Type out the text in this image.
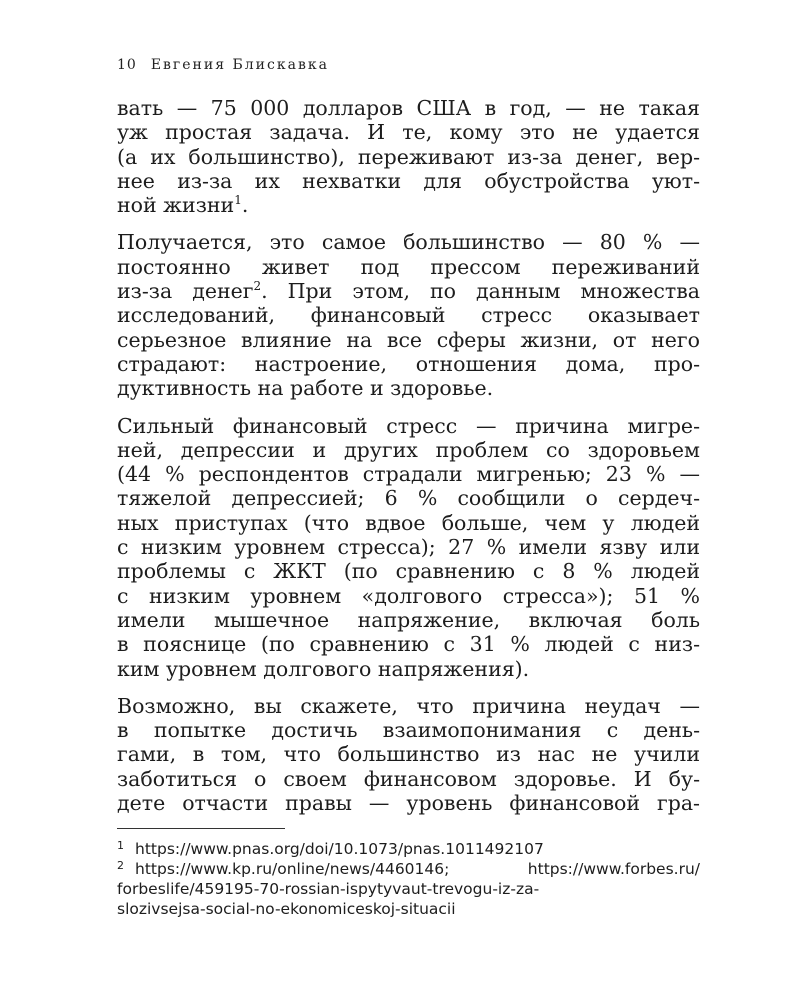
10 Евгения Блискавка
вать — 75 000 долларов США в год, — не такая
уж простая задача. И те, кому это не удается
(а их большинство), переживают из-за денег, вер-
нее из-за их нехватки для обустройства уют-
ной жизни$^1$.
Получается, это самое большинство — 80 % —
постоянно живет под прессом переживаний
из-за денег$^2$. При этом, по данным множества
исследований, финансовый стресс оказывает
серьезное влияние на все сферы жизни, от него
страдают: настроение, отношения дома, про-
дуктивность на работе и здоровье.
Сильный финансовый стресс — причина мигре-
ней, депрессии и других проблем со здоровьем
(44 % респондентов страдали мигренью; 23 % —
тяжелой депрессией; 6 % сообщили о сердеч-
ных приступах (что вдвое больше, чем у людей
с низким уровнем стресса); 27 % имели язву или
проблемы с ЖКТ (по сравнению с 8 % людей
с низким уровнем «долгового стресса»); 51 %
имели мышечное напряжение, включая боль
в пояснице (по сравнению с 31 % людей с низ-
ким уровнем долгового напряжения).
Возможно, вы скажете, что причина неудач —
в попытке достичь взаимопонимания с день-
гами, в том, что большинство из нас не учили
заботиться о своем финансовом здоровье. И бу-
дете отчасти правы — уровень финансовой гра-
1 https://www.pnas.org/doi/10.1073/pnas.1011492107
2 https://www.kp.ru/online/news/4460146; https://www.forbes.ru/
forbeslife/459195-70-rossian-ispytyvaut-trevogu-iz-za-
slozivsejsa-social-no-ekonomiceskoj-situacii
